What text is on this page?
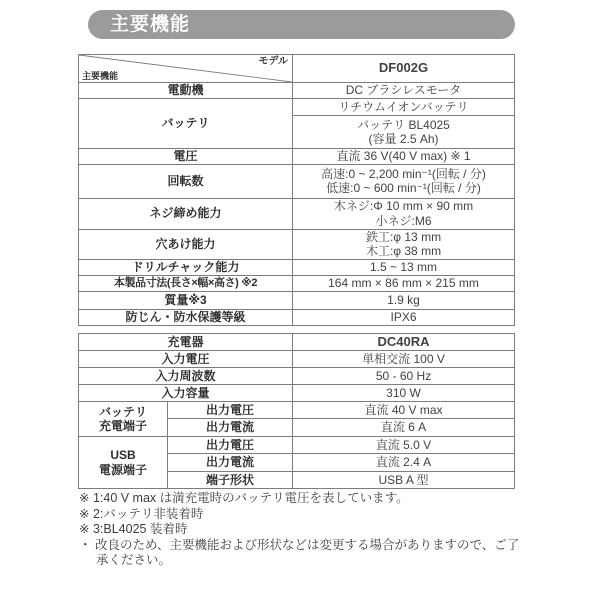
主要機能
モデル
主要機能	DF002G
電動機	DC ブラシレスモータ
バッテリ	リチウムイオンバッテリ

	バッテリ BL4025
(容量 2.5 Ah)

電圧	直流 36 V(40 V max) ※ 1
回転数	高速:0 ~ 2,200 min⁻¹(回転 / 分)
低速:0 ~ 600 min⁻¹(回転 / 分)

ネジ締め能力	木ネジ:Φ 10 mm × 90 mm
小ネジ:M6

穴あけ能力	鉄工:φ 13 mm
木工:φ 38 mm

ドリルチャック能力	1.5 ~ 13 mm
本製品寸法(長さ×幅×高さ) ※2	164 mm × 86 mm × 215 mm
質量※3	1.9 kg
防じん・防水保護等級	IPX6
充電器		DC40RA
入力電圧		単相交流 100 V
入力周波数		50 - 60 Hz
入力容量		310 W

バッテリ
充電端子	出力電圧	直流 40 V max
	出力電流	直流 6 A

USB
電源端子	出力電圧	直流 5.0 V
	出力電流	直流 2.4 A
	端子形状	USB A 型
※ 1:40 V max は満充電時のバッテリ電圧を表しています。
※ 2:バッテリ非装着時
※ 3:BL4025 装着時
・ 改良のため、主要機能および形状などは変更する場合がありますので、ご了承ください。
